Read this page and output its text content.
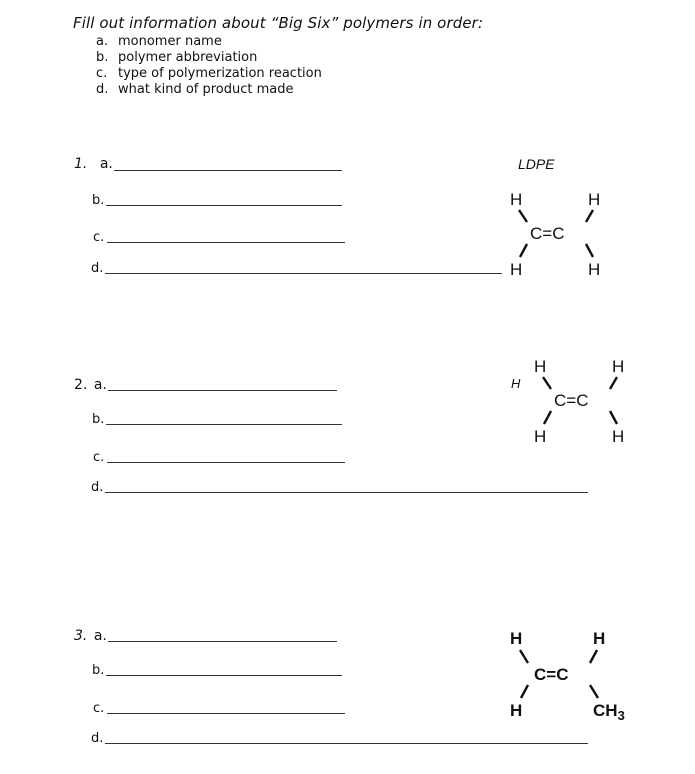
Fill out information about “Big Six” polymers in order:
a. monomer name
b. polymer abbreviation
c. type of polymerization reaction
d. what kind of product made
1. a.
b.
c.
d.
LDPE
H	H
C=C
H	H
2. a.
b.
c.
d.
H
H	H
C=C
H	H
3. a.
b.
c.
d.
H	H
C=C
H	$CH_3$
